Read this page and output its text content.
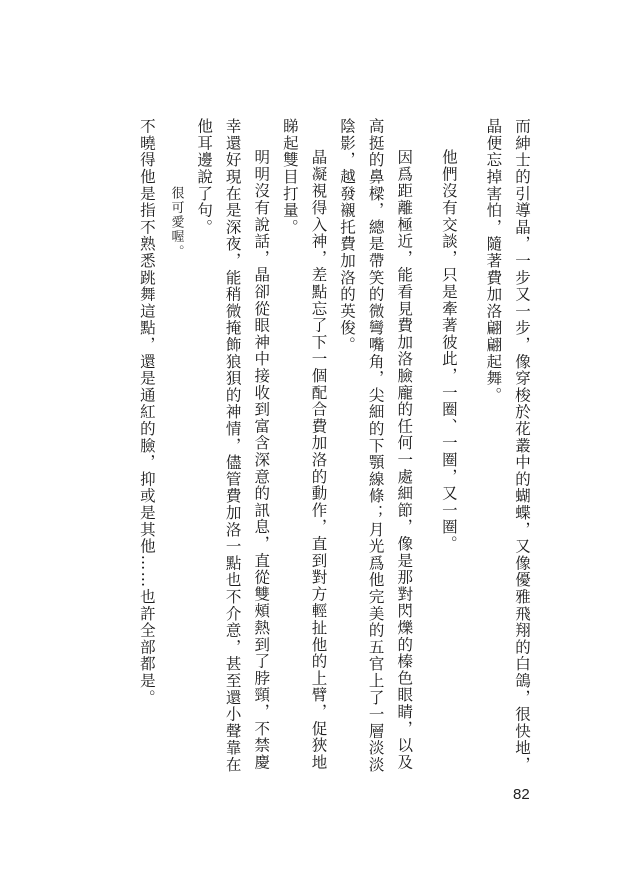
而紳士的引導晶，一步又一步，像穿梭於花叢中的蝴蝶，又像優雅飛翔的白鴿，很快地，晶便忘掉害怕，隨著費加洛翩翩起舞。

他們沒有交談，只是牽著彼此，一圈、一圈，又一圈。

因爲距離極近，能看見費加洛臉龐的任何一處細節，像是那對閃爍的榛色眼睛，以及高挺的鼻樑，總是帶笑的微彎嘴角，尖細的下顎線條；月光爲他完美的五官上了一層淡淡陰影，越發襯托費加洛的英俊。

晶凝視得入神，差點忘了下一個配合費加洛的動作，直到對方輕扯他的上臂，促狹地睇起雙目打量。

明明沒有說話，晶卻從眼神中接收到富含深意的訊息，直從雙頰熱到了脖頸，不禁慶幸還好現在是深夜，能稍微掩飾狼狽的神情，儘管費加洛一點也不介意，甚至還小聲靠在他耳邊說了句。

很可愛喔。

不曉得他是指不熟悉跳舞這點，還是通紅的臉，抑或是其他……也許全部都是。

82
